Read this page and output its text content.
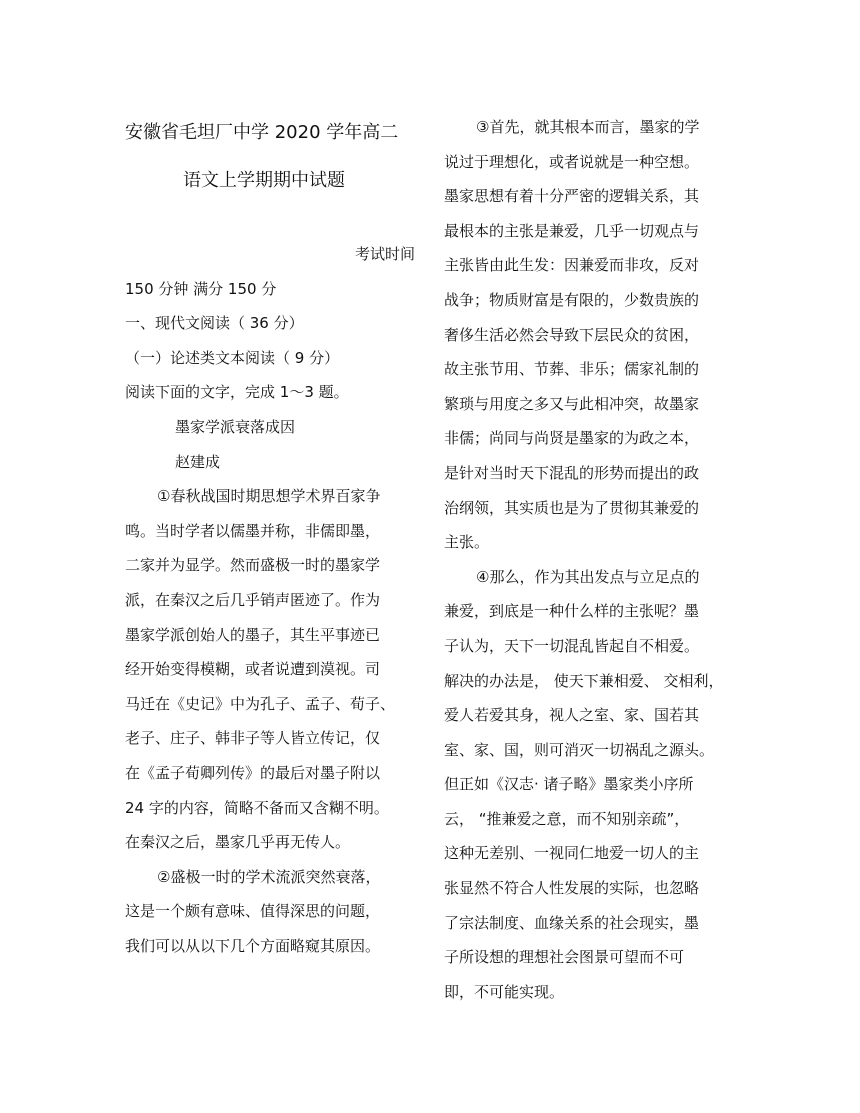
安徽省毛坦厂中学 2020 学年高二
语文上学期期中试题
考试时间
150 分钟 满分 150 分
一、现代文阅读（ 36 分）
（一）论述类文本阅读（ 9 分）
阅读下面的文字，完成 1～3 题。
墨家学派衰落成因
赵建成
①春秋战国时期思想学术界百家争
鸣。当时学者以儒墨并称，非儒即墨，
二家并为显学。然而盛极一时的墨家学
派，在秦汉之后几乎销声匿迹了。作为
墨家学派创始人的墨子，其生平事迹已
经开始变得模糊，或者说遭到漠视。司
马迁在《史记》中为孔子、孟子、荀子、
老子、庄子、韩非子等人皆立传记，仅
在《孟子荀卿列传》的最后对墨子附以
24 字的内容，简略不备而又含糊不明。
在秦汉之后，墨家几乎再无传人。
②盛极一时的学术流派突然衰落，
这是一个颇有意味、值得深思的问题，
我们可以从以下几个方面略窥其原因。
③首先，就其根本而言，墨家的学
说过于理想化，或者说就是一种空想。
墨家思想有着十分严密的逻辑关系，其
最根本的主张是兼爱，几乎一切观点与
主张皆由此生发：因兼爱而非攻，反对
战争；物质财富是有限的，少数贵族的
奢侈生活必然会导致下层民众的贫困，
故主张节用、节葬、非乐；儒家礼制的
繁琐与用度之多又与此相冲突，故墨家
非儒；尚同与尚贤是墨家的为政之本，
是针对当时天下混乱的形势而提出的政
治纲领，其实质也是为了贯彻其兼爱的
主张。
④那么，作为其出发点与立足点的
兼爱，到底是一种什么样的主张呢？墨
子认为，天下一切混乱皆起自不相爱。
解决的办法是， 使天下兼相爱、 交相利，
爱人若爱其身，视人之室、家、国若其
室、家、国，则可消灭一切祸乱之源头。
但正如《汉志· 诸子略》墨家类小序所
云， “推兼爱之意，而不知别亲疏”，
这种无差别、一视同仁地爱一切人的主
张显然不符合人性发展的实际，也忽略
了宗法制度、血缘关系的社会现实，墨
子所设想的理想社会图景可望而不可
即，不可能实现。
